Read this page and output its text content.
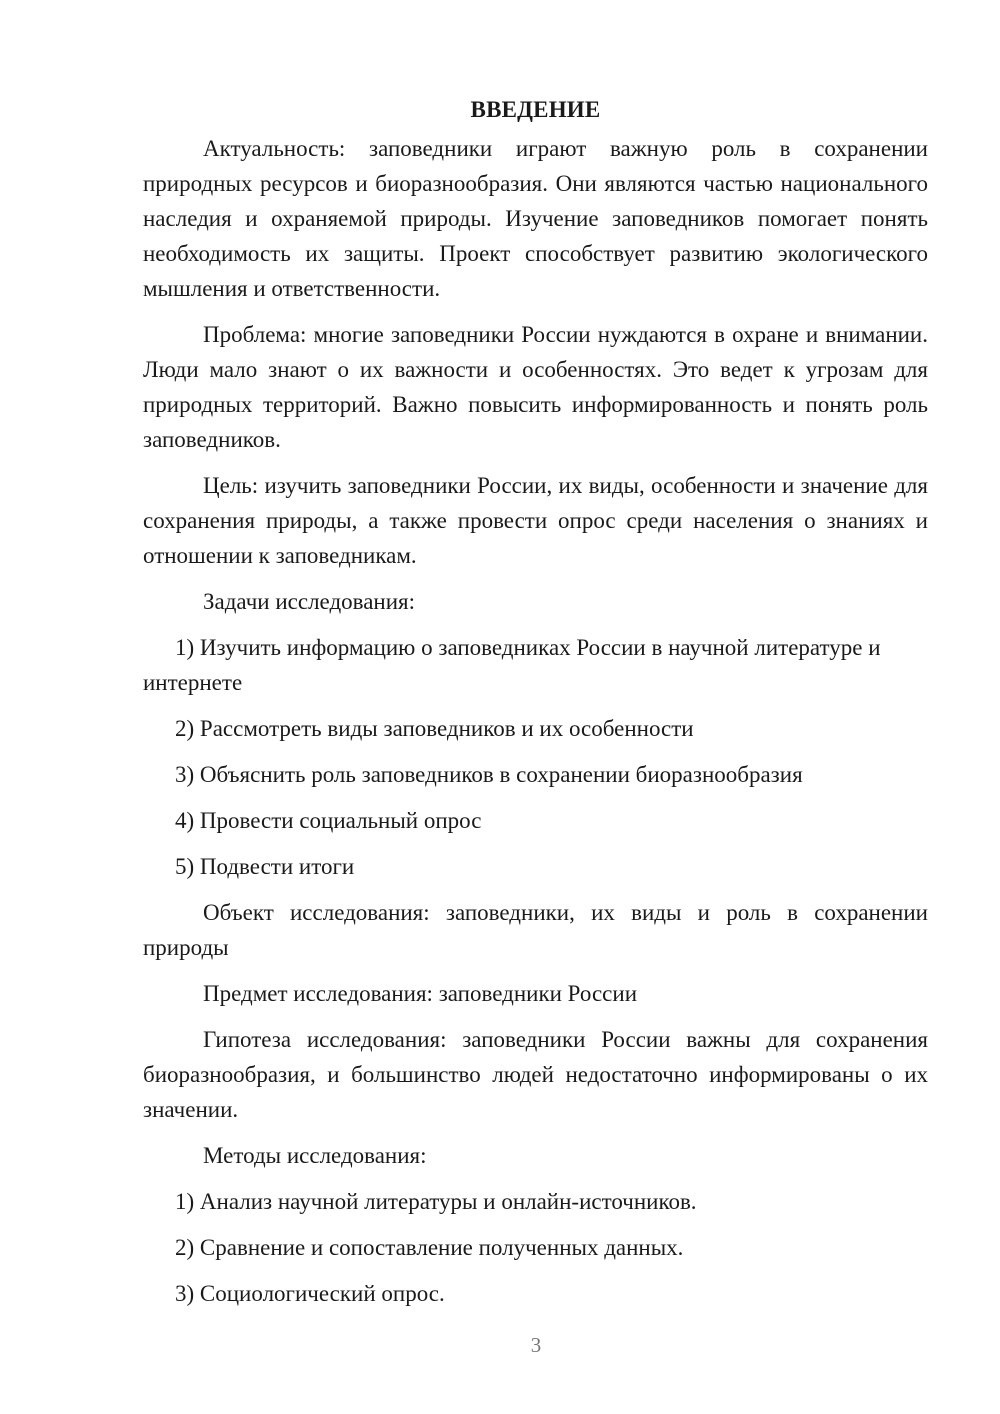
ВВЕДЕНИЕ

Актуальность: заповедники играют важную роль в сохранении природных ресурсов и биоразнообразия. Они являются частью национального наследия и охраняемой природы. Изучение заповедников помогает понять необходимость их защиты. Проект способствует развитию экологического мышления и ответственности.

Проблема: многие заповедники России нуждаются в охране и внимании. Люди мало знают о их важности и особенностях. Это ведет к угрозам для природных территорий. Важно повысить информированность и понять роль заповедников.

Цель: изучить заповедники России, их виды, особенности и значение для сохранения природы, а также провести опрос среди населения о знаниях и отношении к заповедникам.

Задачи исследования:

1) Изучить информацию о заповедниках России в научной литературе и интернете

2) Рассмотреть виды заповедников и их особенности

3) Объяснить роль заповедников в сохранении биоразнообразия

4) Провести социальный опрос

5) Подвести итоги

Объект исследования: заповедники, их виды и роль в сохранении природы

Предмет исследования: заповедники России

Гипотеза исследования: заповедники России важны для сохранения биоразнообразия, и большинство людей недостаточно информированы о их значении.

Методы исследования:

1) Анализ научной литературы и онлайн-источников.

2) Сравнение и сопоставление полученных данных.

3) Социологический опрос.

3
